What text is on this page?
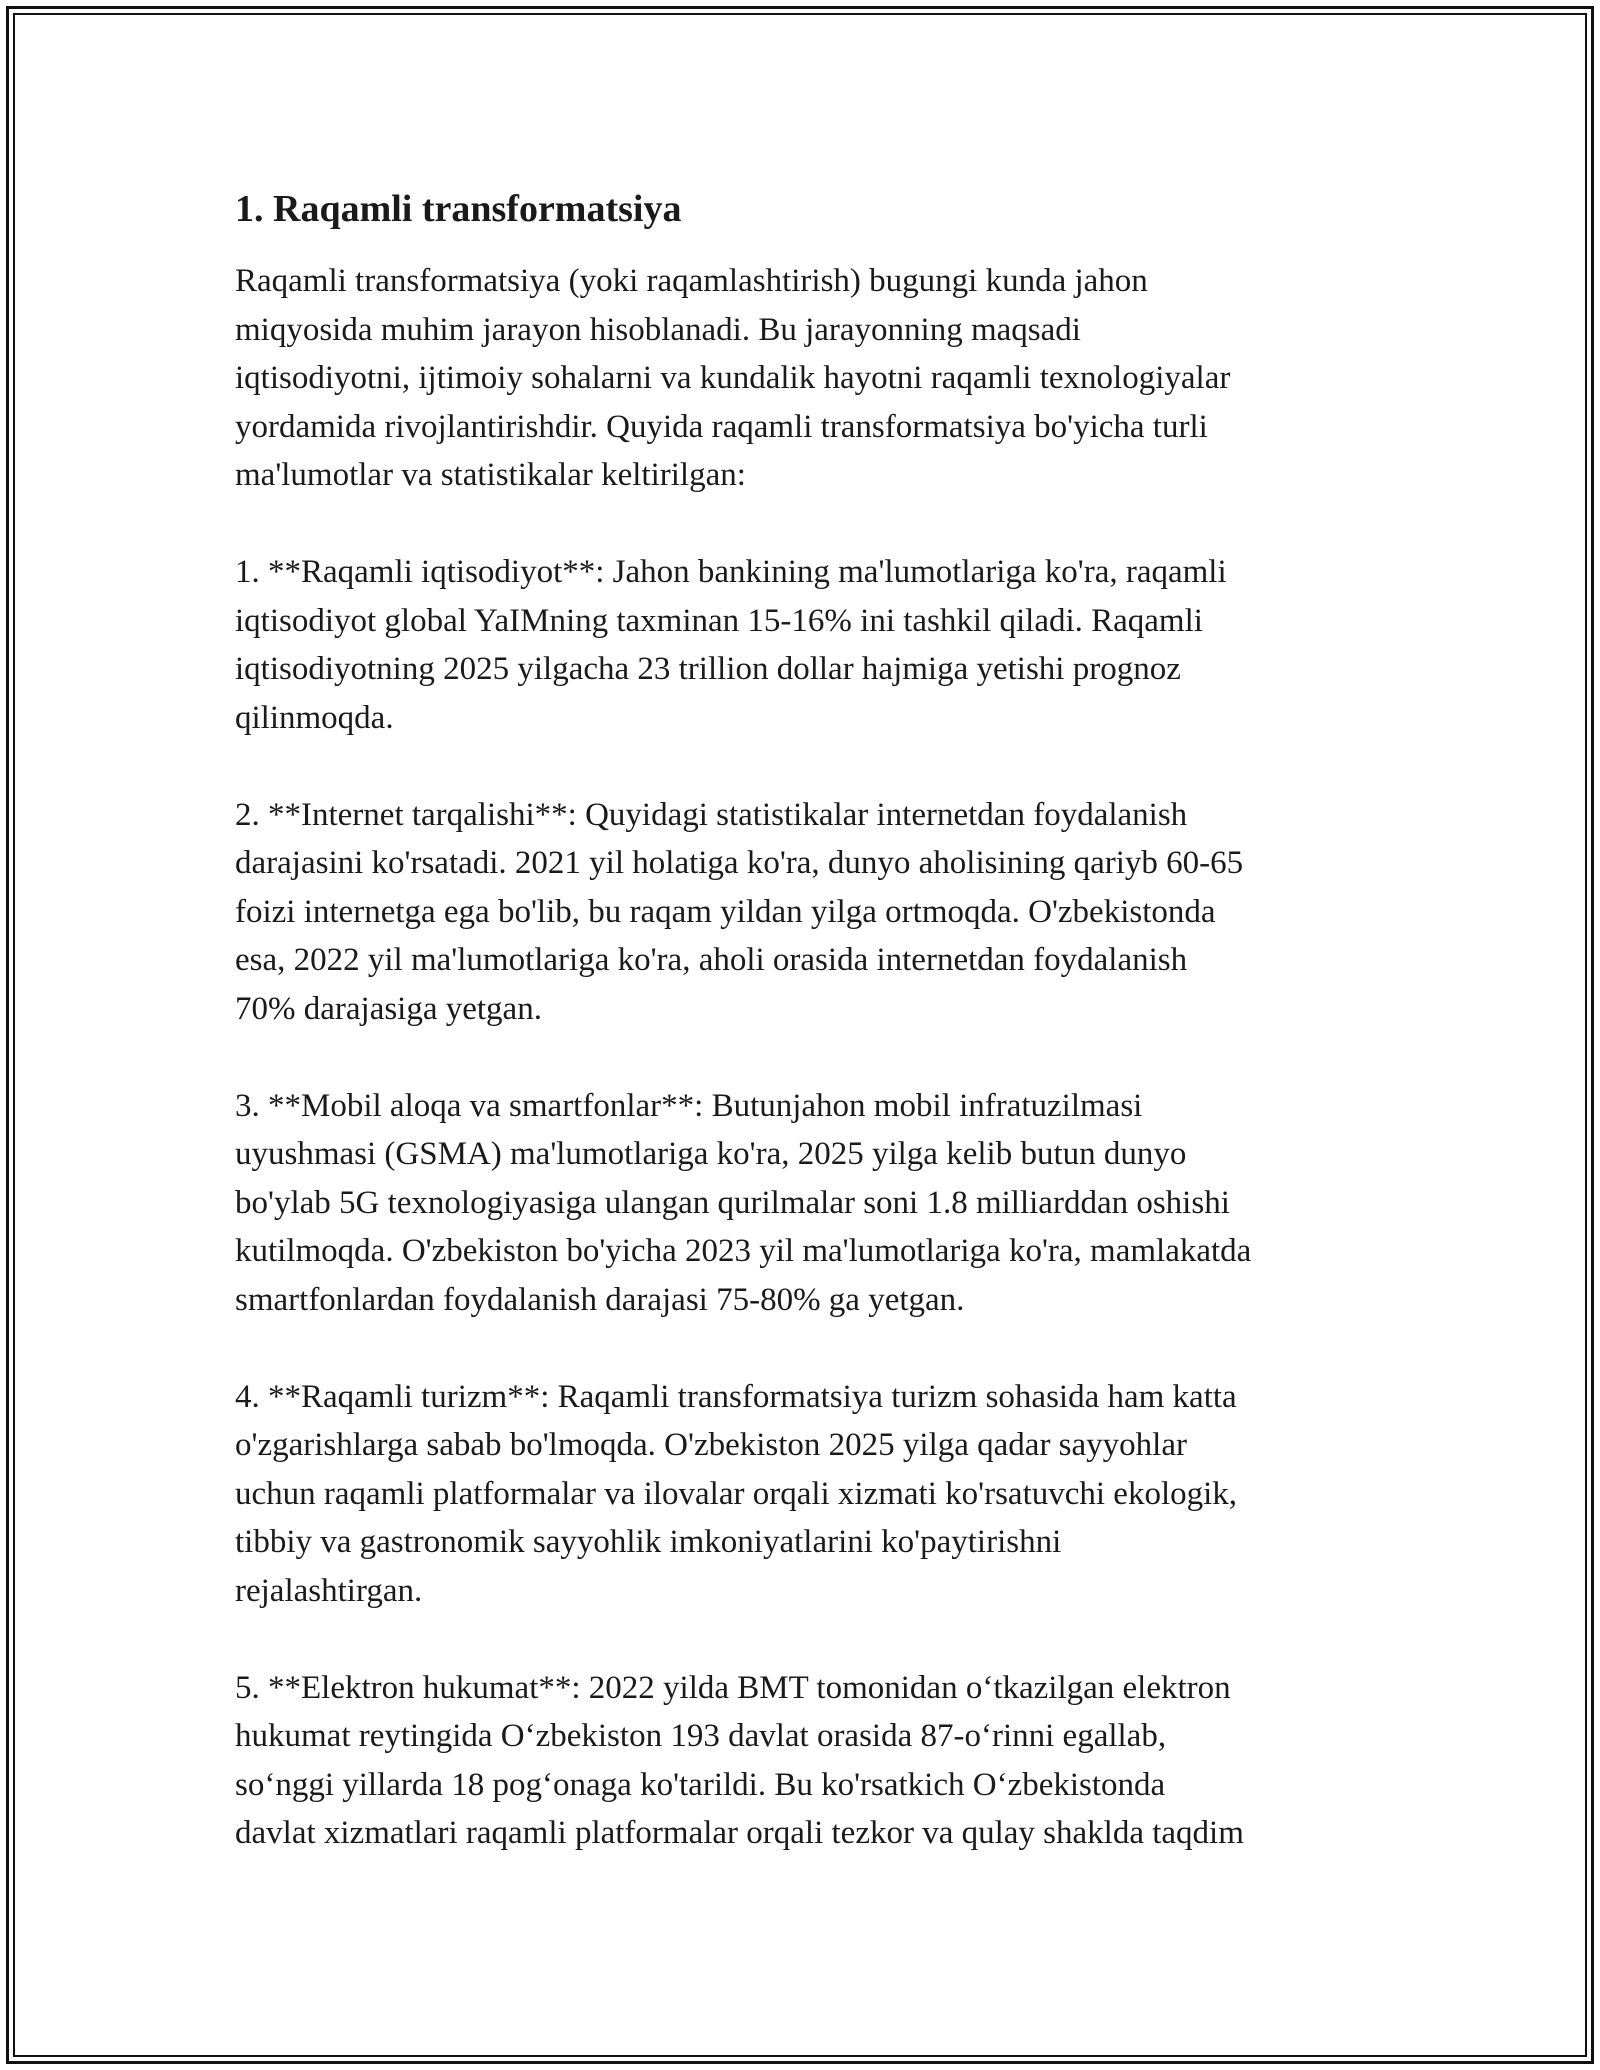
1. Raqamli transformatsiya

Raqamli transformatsiya (yoki raqamlashtirish) bugungi kunda jahon
miqyosida muhim jarayon hisoblanadi. Bu jarayonning maqsadi
iqtisodiyotni, ijtimoiy sohalarni va kundalik hayotni raqamli texnologiyalar
yordamida rivojlantirishdir. Quyida raqamli transformatsiya bo'yicha turli
ma'lumotlar va statistikalar keltirilgan:

1. **Raqamli iqtisodiyot**: Jahon bankining ma'lumotlariga ko'ra, raqamli
iqtisodiyot global YaIMning taxminan 15-16% ini tashkil qiladi. Raqamli
iqtisodiyotning 2025 yilgacha 23 trillion dollar hajmiga yetishi prognoz
qilinmoqda.

2. **Internet tarqalishi**: Quyidagi statistikalar internetdan foydalanish
darajasini ko'rsatadi. 2021 yil holatiga ko'ra, dunyo aholisining qariyb 60-65
foizi internetga ega bo'lib, bu raqam yildan yilga ortmoqda. O'zbekistonda
esa, 2022 yil ma'lumotlariga ko'ra, aholi orasida internetdan foydalanish
70% darajasiga yetgan.

3. **Mobil aloqa va smartfonlar**: Butunjahon mobil infratuzilmasi
uyushmasi (GSMA) ma'lumotlariga ko'ra, 2025 yilga kelib butun dunyo
bo'ylab 5G texnologiyasiga ulangan qurilmalar soni 1.8 milliarddan oshishi
kutilmoqda. O'zbekiston bo'yicha 2023 yil ma'lumotlariga ko'ra, mamlakatda
smartfonlardan foydalanish darajasi 75-80% ga yetgan.

4. **Raqamli turizm**: Raqamli transformatsiya turizm sohasida ham katta
o'zgarishlarga sabab bo'lmoqda. O'zbekiston 2025 yilga qadar sayyohlar
uchun raqamli platformalar va ilovalar orqali xizmati ko'rsatuvchi ekologik,
tibbiy va gastronomik sayyohlik imkoniyatlarini ko'paytirishni
rejalashtirgan.

5. **Elektron hukumat**: 2022 yilda BMT tomonidan o‘tkazilgan elektron
hukumat reytingida O‘zbekiston 193 davlat orasida 87-o‘rinni egallab,
so‘nggi yillarda 18 pog‘onaga ko'tarildi. Bu ko'rsatkich O‘zbekistonda
davlat xizmatlari raqamli platformalar orqali tezkor va qulay shaklda taqdim
